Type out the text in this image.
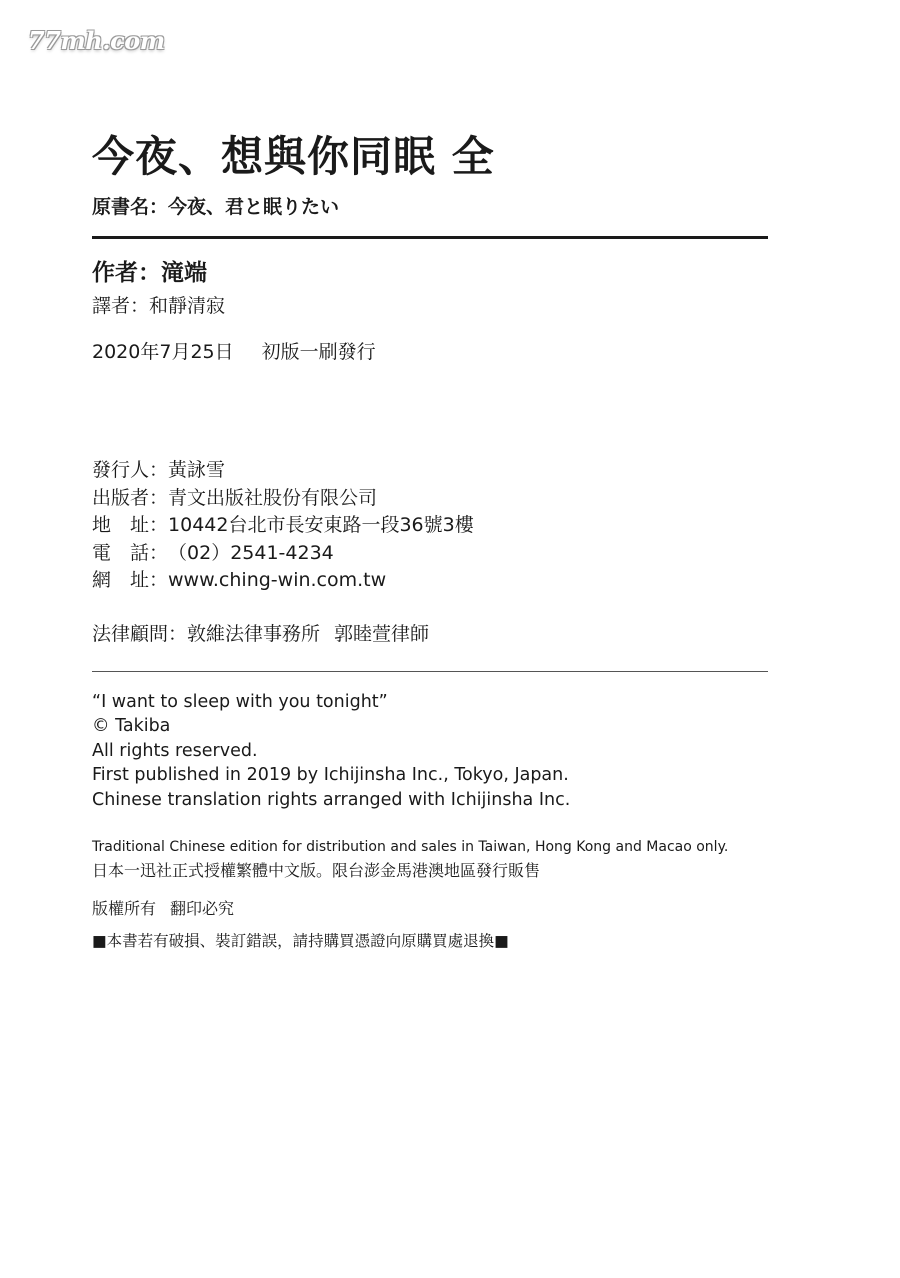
77mh.com
今夜、想與你同眠 全
原書名：今夜、君と眠りたい
作者：滝端
譯者：和靜清寂
2020年7月25日 初版一刷發行
發行人： 黃詠雪
出版者： 青文出版社股份有限公司
地　址： 10442台北市長安東路一段36號3樓
電　話： （02）2541-4234
網　址： www.ching-win.com.tw
法律顧問：敦維法律事務所 郭睦萱律師
“I want to sleep with you tonight”
© Takiba
All rights reserved.
First published in 2019 by Ichijinsha Inc., Tokyo, Japan.
Chinese translation rights arranged with Ichijinsha Inc.
Traditional Chinese edition for distribution and sales in Taiwan, Hong Kong and Macao only.
日本一迅社正式授權繁體中文版。限台澎金馬港澳地區發行販售
版權所有 翻印必究
■本書若有破損、裝訂錯誤，請持購買憑證向原購買處退換■
